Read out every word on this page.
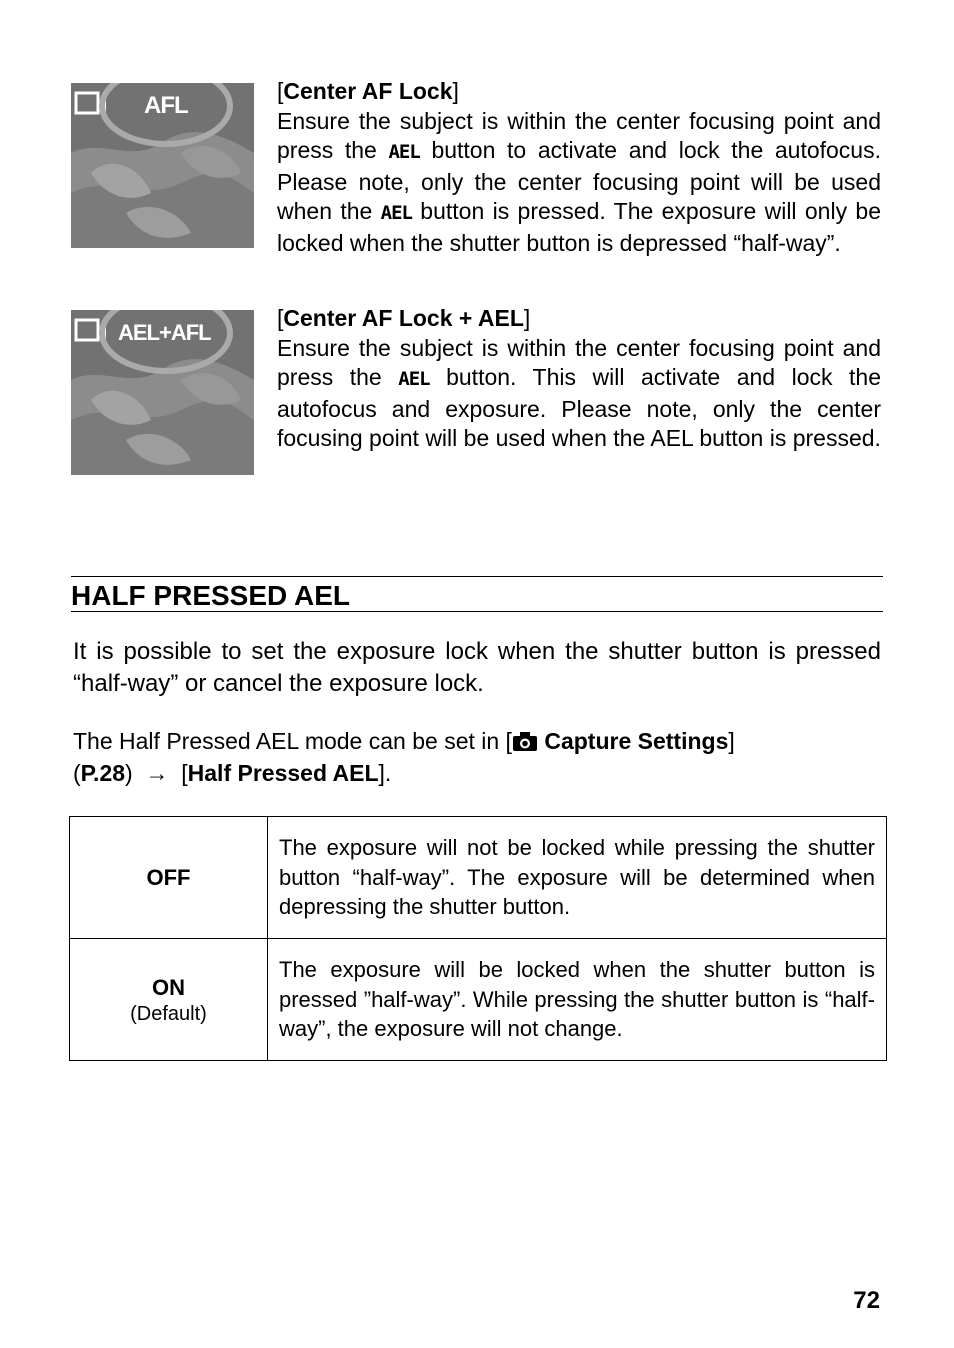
AFL
[Center AF Lock]
Ensure the subject is within the center focusing point and press the AEL button to activate and lock the autofocus. Please note, only the center focusing point will be used when the AEL button is pressed. The exposure will only be locked when the shutter button is depressed “half-way”.
AEL+AFL
[Center AF Lock + AEL]
Ensure the subject is within the center focusing point and press the AEL button. This will activate and lock the autofocus and exposure. Please note, only the center focusing point will be used when the AEL button is pressed.
HALF PRESSED AEL
It is possible to set the exposure lock when the shutter button is pressed “half-way” or cancel the exposure lock.
The Half Pressed AEL mode can be set in [ Capture Settings]
(P.28)  →  [Half Pressed AEL].
OFF	The exposure will not be locked while pressing the shutter button “half-way”. The exposure will be determined when depressing the shutter button.
ON
(Default)	The exposure will be locked when the shutter button is pressed ”half-way”. While pressing the shutter button is “half-way”, the exposure will not change.
72
